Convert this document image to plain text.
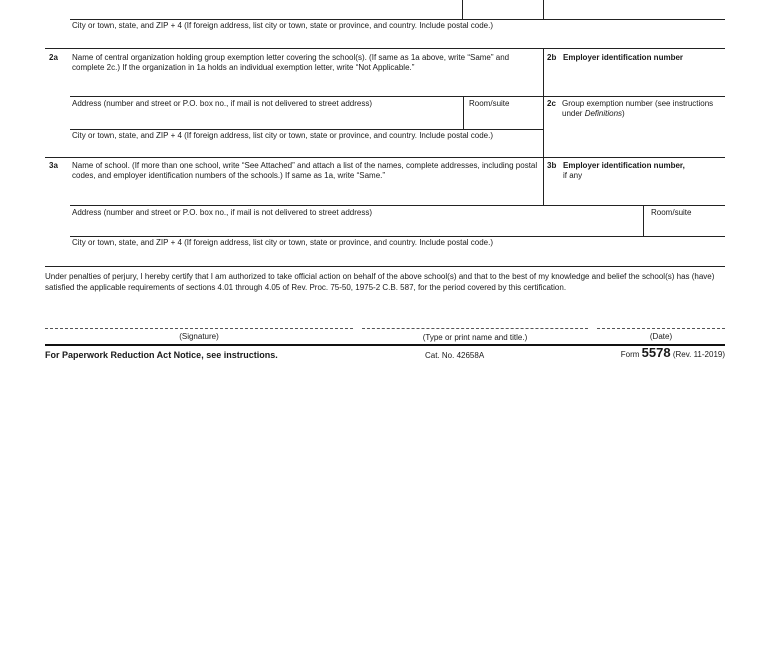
City or town, state, and ZIP + 4 (If foreign address, list city or town, state or province, and country. Include postal code.)
2a Name of central organization holding group exemption letter covering the school(s). (If same as 1a above, write “Same” and complete 2c.) If the organization in 1a holds an individual exemption letter, write “Not Applicable.”
2b Employer identification number
Address (number and street or P.O. box no., if mail is not delivered to street address)	Room/suite	2c Group exemption number (see instructions under Definitions)
City or town, state, and ZIP + 4 (If foreign address, list city or town, state or province, and country. Include postal code.)
3a Name of school. (If more than one school, write “See Attached” and attach a list of the names, complete addresses, including postal codes, and employer identification numbers of the schools.) If same as 1a, write “Same.”
3b Employer identification number,
if any
Address (number and street or P.O. box no., if mail is not delivered to street address)	Room/suite
City or town, state, and ZIP + 4 (If foreign address, list city or town, state or province, and country. Include postal code.)
Under penalties of perjury, I hereby certify that I am authorized to take official action on behalf of the above school(s) and that to the best of my knowledge and belief the school(s) has (have) satisfied the applicable requirements of sections 4.01 through 4.05 of Rev. Proc. 75-50, 1975-2 C.B. 587, for the period covered by this certification.
(Signature)	(Type or print name and title.)	(Date)
For Paperwork Reduction Act Notice, see instructions.	Cat. No. 42658A	Form 5578 (Rev. 11-2019)
